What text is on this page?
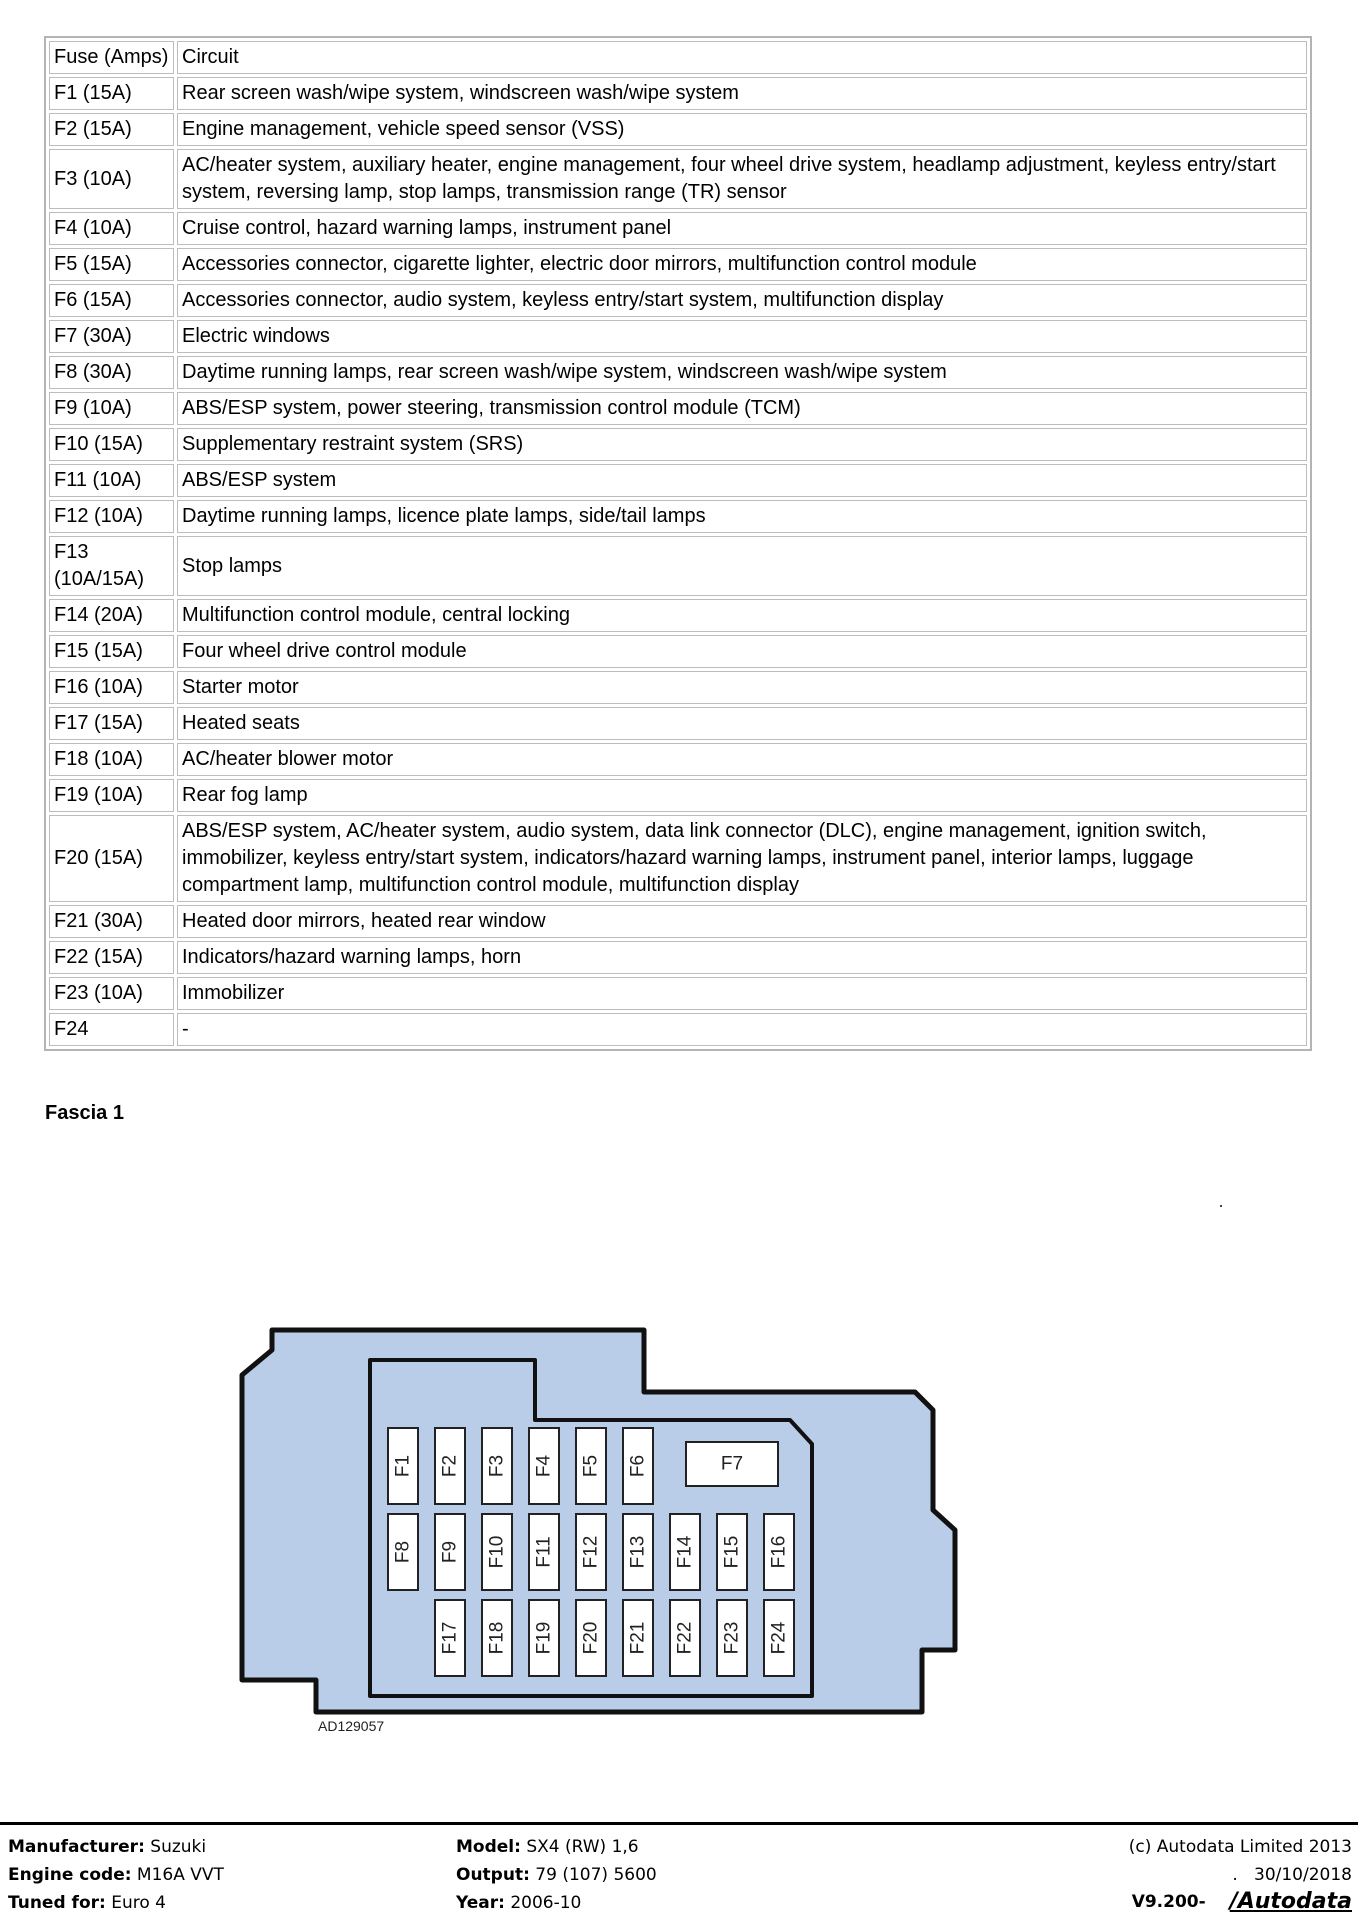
Fuse (Amps)	Circuit
F1 (15A)	Rear screen wash/wipe system, windscreen wash/wipe system
F2 (15A)	Engine management, vehicle speed sensor (VSS)
F3 (10A)	AC/heater system, auxiliary heater, engine management, four wheel drive system, headlamp adjustment, keyless entry/start system, reversing lamp, stop lamps, transmission range (TR) sensor
F4 (10A)	Cruise control, hazard warning lamps, instrument panel
F5 (15A)	Accessories connector, cigarette lighter, electric door mirrors, multifunction control module
F6 (15A)	Accessories connector, audio system, keyless entry/start system, multifunction display
F7 (30A)	Electric windows
F8 (30A)	Daytime running lamps, rear screen wash/wipe system, windscreen wash/wipe system
F9 (10A)	ABS/ESP system, power steering, transmission control module (TCM)
F10 (15A)	Supplementary restraint system (SRS)
F11 (10A)	ABS/ESP system
F12 (10A)	Daytime running lamps, licence plate lamps, side/tail lamps
F13 (10A/15A)	Stop lamps
F14 (20A)	Multifunction control module, central locking
F15 (15A)	Four wheel drive control module
F16 (10A)	Starter motor
F17 (15A)	Heated seats
F18 (10A)	AC/heater blower motor
F19 (10A)	Rear fog lamp
F20 (15A)	ABS/ESP system, AC/heater system, audio system, data link connector (DLC), engine management, ignition switch, immobilizer, keyless entry/start system, indicators/hazard warning lamps, instrument panel, interior lamps, luggage compartment lamp, multifunction control module, multifunction display
F21 (30A)	Heated door mirrors, heated rear window
F22 (15A)	Indicators/hazard warning lamps, horn
F23 (10A)	Immobilizer
F24	-
Fascia 1
F1 F2 F3 F4 F5 F6	F7
F8 F9 F10 F11 F12 F13 F14 F15 F16
F17 F18 F19 F20 F21 F22 F23 F24
AD129057
Manufacturer: Suzuki
Engine code: M16A VVT
Tuned for: Euro 4
Model: SX4 (RW) 1,6
Output: 79 (107) 5600
Year: 2006-10
(c) Autodata Limited 2013
.   30/10/2018
V9.200- /Autodata
